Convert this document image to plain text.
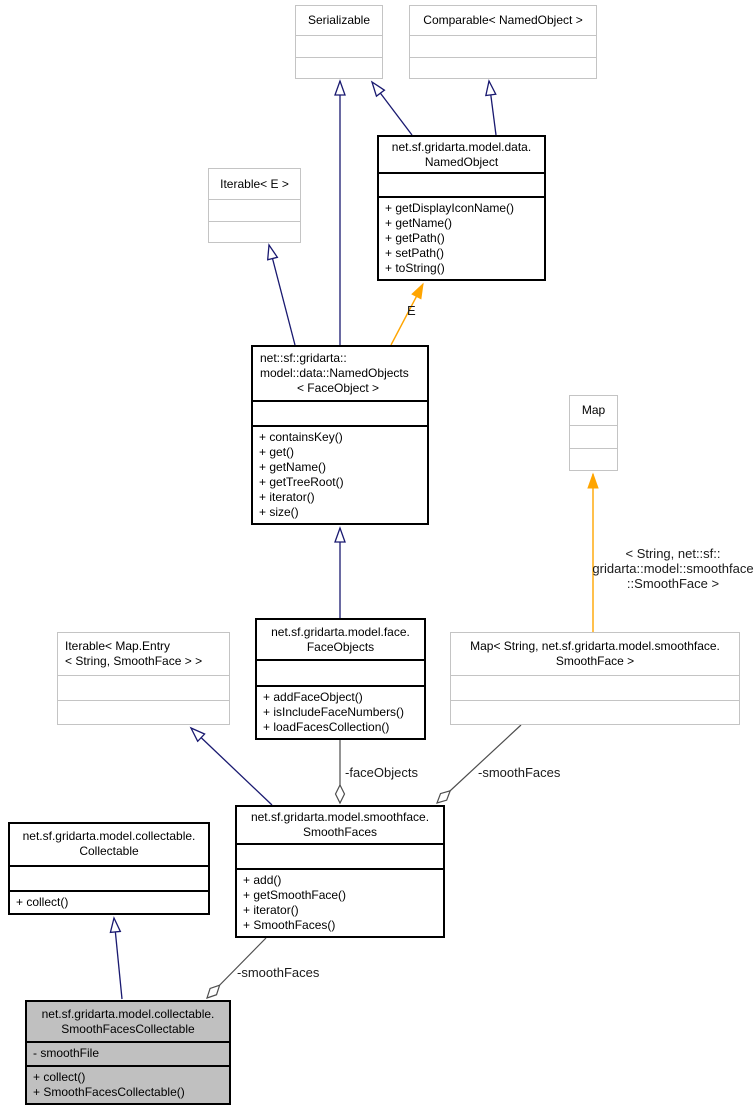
E
< String, net::sf::
gridarta::model::smoothface
::SmoothFace >
-faceObjects	-smoothFaces
-smoothFaces
Serializable	Comparable< NamedObject >
net.sf.gridarta.model.data.
NamedObject
+ getDisplayIconName()
+ getName()
+ getPath()
+ setPath()
+ toString()
Iterable< E >
net::sf::gridarta::
model::data::NamedObjects
< FaceObject >
+ containsKey()
+ get()
+ getName()
+ getTreeRoot()
+ iterator()
+ size()
Map
net.sf.gridarta.model.face.
FaceObjects
+ addFaceObject()
+ isIncludeFaceNumbers()
+ loadFacesCollection()
Map< String, net.sf.gridarta.model.smoothface.
SmoothFace >
Iterable< Map.Entry
< String, SmoothFace > >
net.sf.gridarta.model.collectable.
Collectable
+ collect()
net.sf.gridarta.model.smoothface.
SmoothFaces
+ add()
+ getSmoothFace()
+ iterator()
+ SmoothFaces()
net.sf.gridarta.model.collectable.
SmoothFacesCollectable
- smoothFile
+ collect()
+ SmoothFacesCollectable()
